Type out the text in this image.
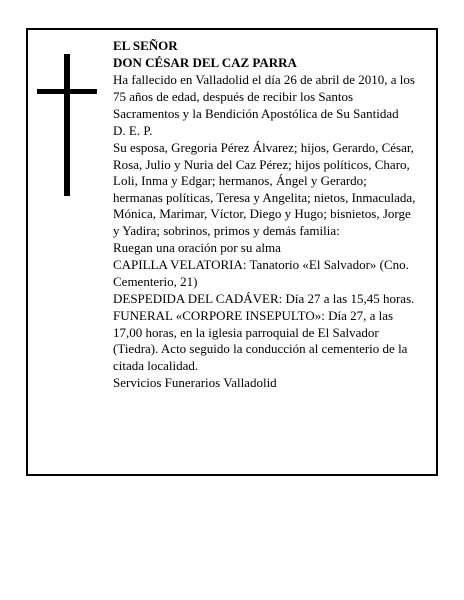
EL SEÑOR

DON CÉSAR DEL CAZ PARRA

Ha fallecido en Valladolid el día 26 de abril de 2010, a los 75 años de edad, después de recibir los Santos Sacramentos y la Bendición Apostólica de Su Santidad

D. E. P.

Su esposa, Gregoria Pérez Álvarez; hijos, Gerardo, César, Rosa, Julio y Nuria del Caz Pérez; hijos políticos, Charo, Loli, Inma y Edgar; hermanos, Ángel y Gerardo; hermanas políticas, Teresa y Angelita; nietos, Inmaculada, Mónica, Marimar, Víctor, Diego y Hugo; bisnietos, Jorge y Yadira; sobrinos, primos y demás familia:

Ruegan una oración por su alma

CAPILLA VELATORIA: Tanatorio «El Salvador» (Cno. Cementerio, 21)

DESPEDIDA DEL CADÁVER: Día 27 a las 15,45 horas.

FUNERAL «CORPORE INSEPULTO»: Día 27, a las 17,00 horas, en la iglesia parroquial de El Salvador (Tiedra). Acto seguido la conducción al cementerio de la citada localidad.

Servicios Funerarios Valladolid
